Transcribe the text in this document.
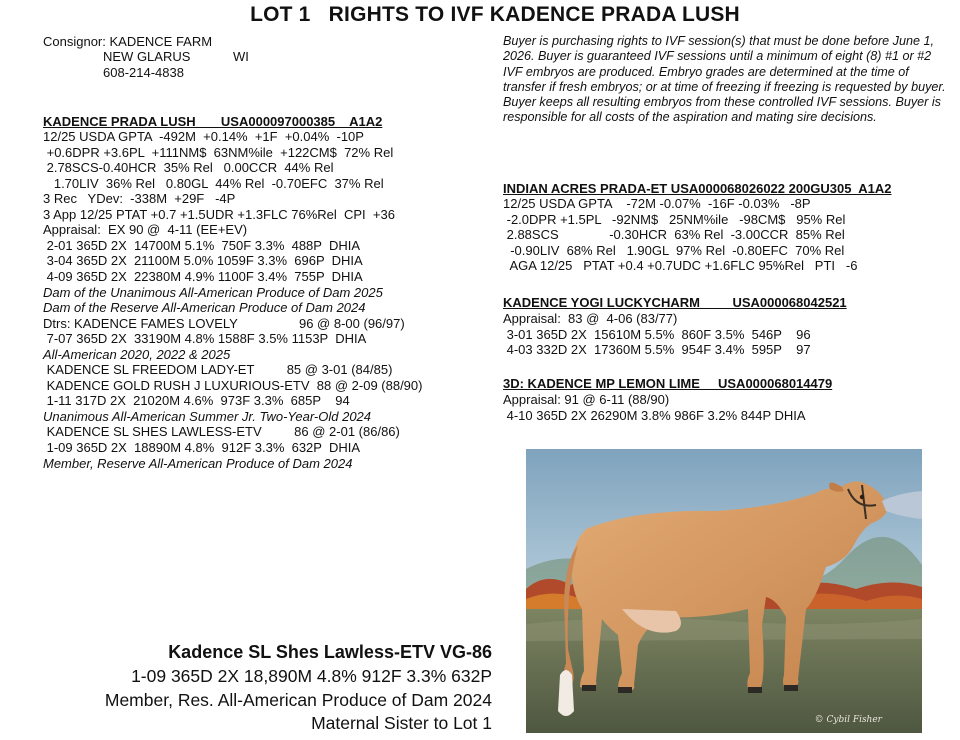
LOT 1   RIGHTS TO IVF KADENCE PRADA LUSH
Consignor: KADENCE FARM
NEW GLARUS	WI
608-214-4838
KADENCE PRADA LUSH       USA000097000385    A1A2
12/25 USDA GPTA  -492M  +0.14%  +1F  +0.04%  -10P
+0.6DPR +3.6PL  +111NM$  63NM%ile  +122CM$  72% Rel
2.78SCS-0.40HCR  35% Rel   0.00CCR  44% Rel
1.70LIV  36% Rel   0.80GL  44% Rel  -0.70EFC  37% Rel
3 Rec   YDev:  -338M  +29F   -4P
3 App 12/25 PTAT +0.7 +1.5UDR +1.3FLC 76%Rel  CPI  +36
Appraisal:  EX 90 @  4-11 (EE+EV)
2-01 365D 2X  14700M 5.1%  750F 3.3%  488P  DHIA
3-04 365D 2X  21100M 5.0% 1059F 3.3%  696P  DHIA
4-09 365D 2X  22380M 4.9% 1100F 3.4%  755P  DHIA
Dam of the Unanimous All-American Produce of Dam 2025
Dam of the Reserve All-American Produce of Dam 2024
Dtrs: KADENCE FAMES LOVELY                 96 @ 8-00 (96/97)
7-07 365D 2X  33190M 4.8% 1588F 3.5% 1153P  DHIA
All-American 2020, 2022 & 2025
KADENCE SL FREEDOM LADY-ET         85 @ 3-01 (84/85)
KADENCE GOLD RUSH J LUXURIOUS-ETV  88 @ 2-09 (88/90)
1-11 317D 2X  21020M 4.6%  973F 3.3%  685P    94
Unanimous All-American Summer Jr. Two-Year-Old 2024
KADENCE SL SHES LAWLESS-ETV         86 @ 2-01 (86/86)
1-09 365D 2X  18890M 4.8%  912F 3.3%  632P  DHIA
Member, Reserve All-American Produce of Dam 2024
Buyer is purchasing rights to IVF session(s) that must be done before June 1, 2026. Buyer is guaranteed IVF sessions until a minimum of eight (8) #1 or #2 IVF embryos are produced. Embryo grades are determined at the time of transfer if fresh embryos; or at time of freezing if freezing is requested by buyer. Buyer keeps all resulting embryos from these controlled IVF sessions. Buyer is responsible for all costs of the aspiration and mating sire decisions.
INDIAN ACRES PRADA-ET USA000068026022 200GU305  A1A2
12/25 USDA GPTA    -72M -0.07%  -16F -0.03%   -8P
-2.0DPR +1.5PL   -92NM$   25NM%ile   -98CM$   95% Rel
2.88SCS              -0.30HCR  63% Rel  -3.00CCR  85% Rel
-0.90LIV  68% Rel   1.90GL  97% Rel  -0.80EFC  70% Rel
AGA 12/25   PTAT +0.4 +0.7UDC +1.6FLC 95%Rel   PTI   -6
KADENCE YOGI LUCKYCHARM         USA000068042521
Appraisal:  83 @  4-06 (83/77)
3-01 365D 2X  15610M 5.5%  860F 3.5%  546P    96
4-03 332D 2X  17360M 5.5%  954F 3.4%  595P    97
3D: KADENCE MP LEMON LIME     USA000068014479
Appraisal: 91 @ 6-11 (88/90)
4-10 365D 2X 26290M 3.8% 986F 3.2% 844P DHIA
© Cybil Fisher
Kadence SL Shes Lawless-ETV VG-86
1-09 365D 2X 18,890M 4.8% 912F 3.3% 632P
Member, Res. All-American Produce of Dam 2024
Maternal Sister to Lot 1
